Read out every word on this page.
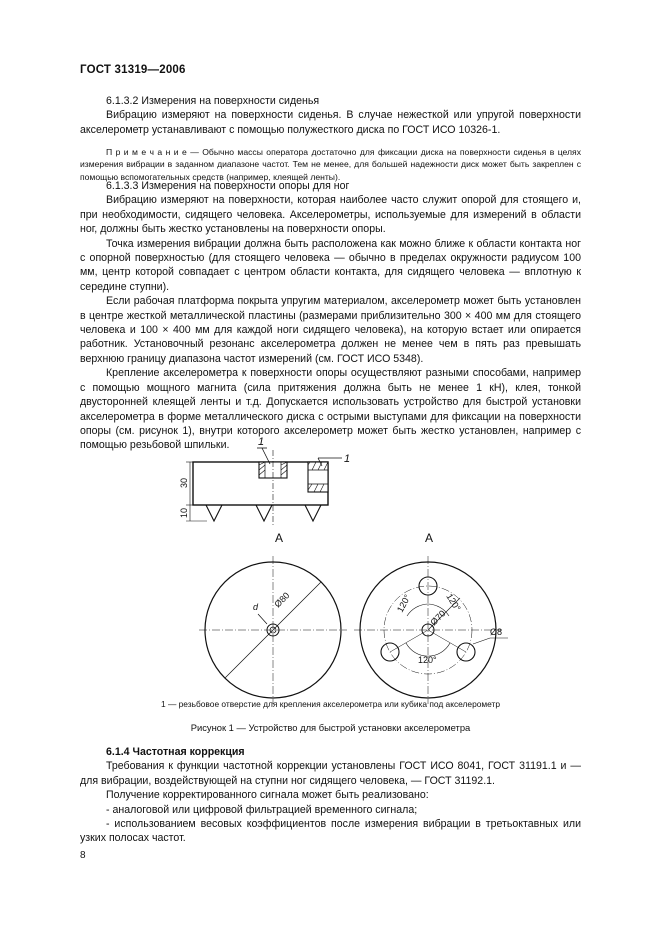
ГОСТ 31319—2006

6.1.3.2 Измерения на поверхности сиденья

Вибрацию измеряют на поверхности сиденья. В случае нежесткой или упругой поверхности акселерометр устанавливают с помощью полужесткого диска по ГОСТ ИСО 10326-1.

П р и м е ч а н и е — Обычно массы оператора достаточно для фиксации диска на поверхности сиденья в целях измерения вибрации в заданном диапазоне частот. Тем не менее, для большей надежности диск может быть закреплен с помощью вспомогательных средств (например, клеящей ленты).

6.1.3.3 Измерения на поверхности опоры для ног

Вибрацию измеряют на поверхности, которая наиболее часто служит опорой для стоящего и, при необходимости, сидящего человека. Акселерометры, используемые для измерений в области ног, должны быть жестко установлены на поверхности опоры.

Точка измерения вибрации должна быть расположена как можно ближе к области контакта ног с опорной поверхностью (для стоящего человека — обычно в пределах окружности радиусом 100 мм, центр которой совпадает с центром области контакта, для сидящего человека — вплотную к середине ступни).

Если рабочая платформа покрыта упругим материалом, акселерометр может быть установлен в центре жесткой металлической пластины (размерами приблизительно 300 × 400 мм для стоящего человека и 100 × 400 мм для каждой ноги сидящего человека), на которую встает или опирается работник. Установочный резонанс акселерометра должен не менее чем в пять раз превышать верхнюю границу диапазона частот измерений (см. ГОСТ ИСО 5348).

Крепление акселерометра к поверхности опоры осуществляют разными способами, например с помощью мощного магнита (сила притяжения должна быть не менее 1 кН), клея, тонкой двусторонней клеящей ленты и т.д. Допускается использовать устройство для быстрой установки акселерометра в форме металлического диска с острыми выступами для фиксации на поверхности опоры (см. рисунок 1), внутри которого акселерометр может быть жестко установлен, например с помощью резьбовой шпильки.	1
1
30
10
А	А
d Ø80	120°	120°
120°
Ø70
Ø8
1 — резьбовое отверстие для крепления акселерометра или кубика под акселерометр
Рисунок 1 — Устройство для быстрой установки акселерометра

6.1.4 Частотная коррекция

Требования к функции частотной коррекции установлены ГОСТ ИСО 8041, ГОСТ 31191.1 и — для вибрации, воздействующей на ступни ног сидящего человека, — ГОСТ 31192.1.

Получение корректированного сигнала может быть реализовано:

- аналоговой или цифровой фильтрацией временного сигнала;

- использованием весовых коэффициентов после измерения вибрации в третьоктавных или узких полосах частот.

8
